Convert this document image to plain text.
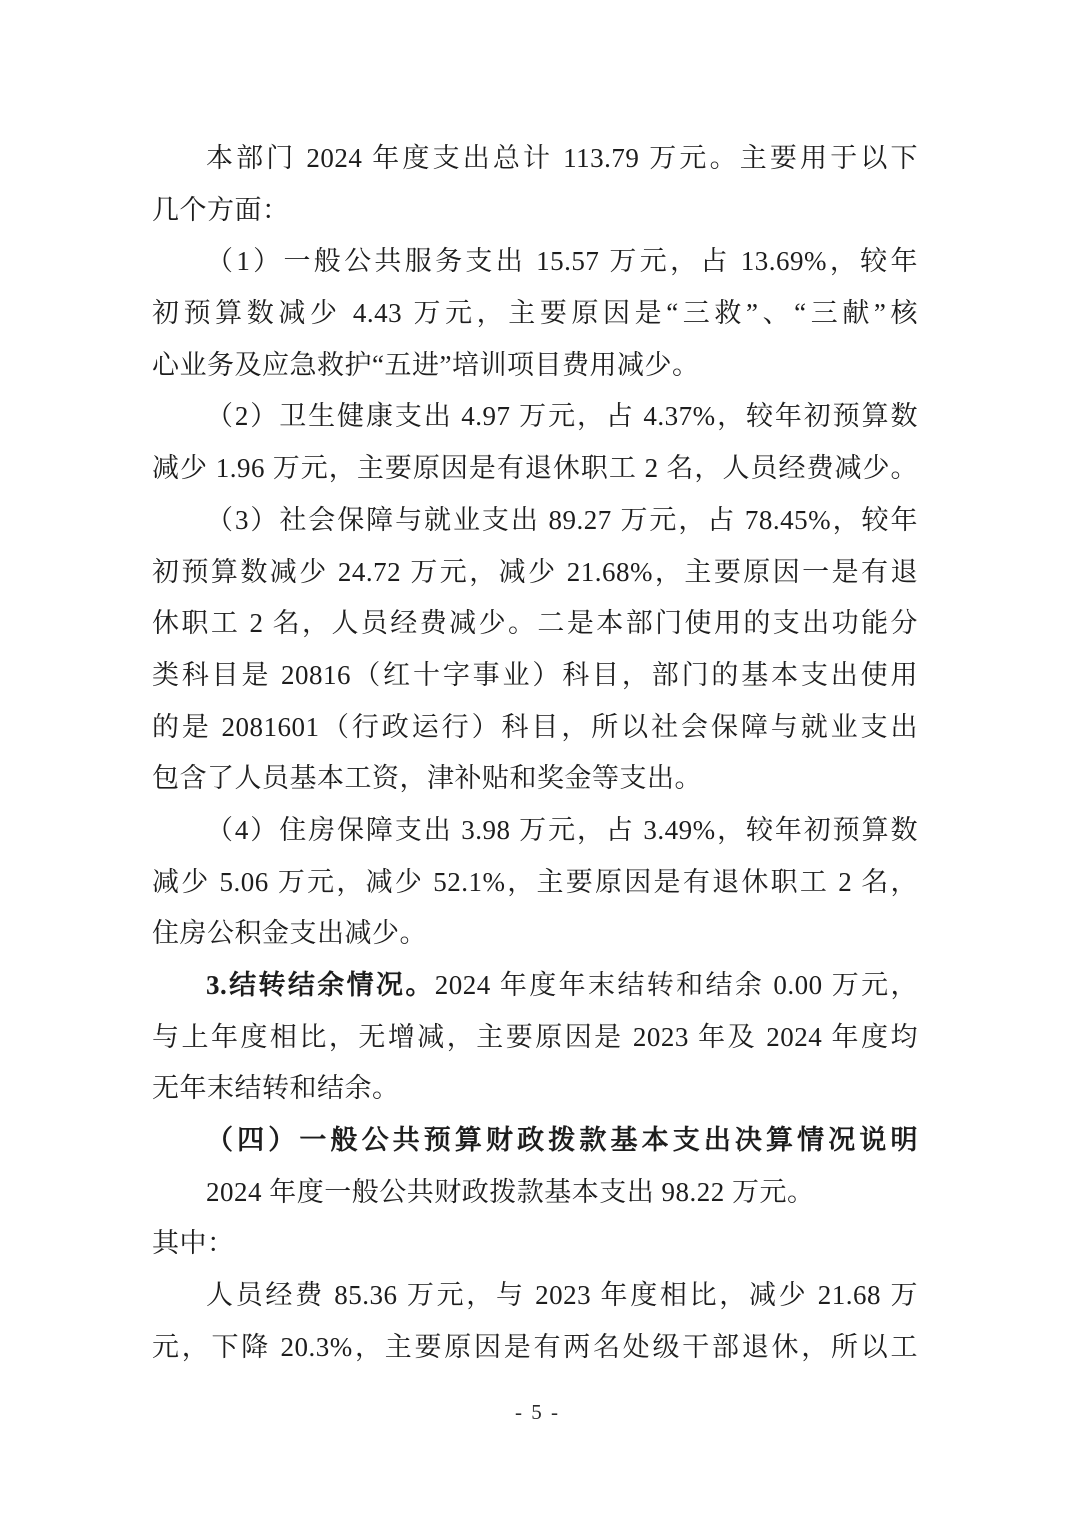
本部门 2024 年度支出总计 113.79 万元。主要用于以下
几个方面：
（1）一般公共服务支出 15.57 万元，占 13.69%，较年
初预算数减少 4.43 万元，主要原因是“三救”、“三献”核
心业务及应急救护“五进”培训项目费用减少。
（2）卫生健康支出 4.97 万元，占 4.37%，较年初预算数
减少 1.96 万元，主要原因是有退休职工 2 名，人员经费减少。
（3）社会保障与就业支出 89.27 万元，占 78.45%，较年
初预算数减少 24.72 万元，减少 21.68%，主要原因一是有退
休职工 2 名，人员经费减少。二是本部门使用的支出功能分
类科目是 20816（红十字事业）科目，部门的基本支出使用
的是 2081601（行政运行）科目，所以社会保障与就业支出
包含了人员基本工资，津补贴和奖金等支出。
（4）住房保障支出 3.98 万元，占 3.49%，较年初预算数
减少 5.06 万元，减少 52.1%，主要原因是有退休职工 2 名，
住房公积金支出减少。
3.结转结余情况。2024 年度年末结转和结余 0.00 万元，
与上年度相比，无增减，主要原因是 2023 年及 2024 年度均
无年末结转和结余。
（四）一般公共预算财政拨款基本支出决算情况说明
2024 年度一般公共财政拨款基本支出 98.22 万元。
其中：
人员经费 85.36 万元，与 2023 年度相比，减少 21.68 万
元，下降 20.3%，主要原因是有两名处级干部退休，所以工
- 5 -
